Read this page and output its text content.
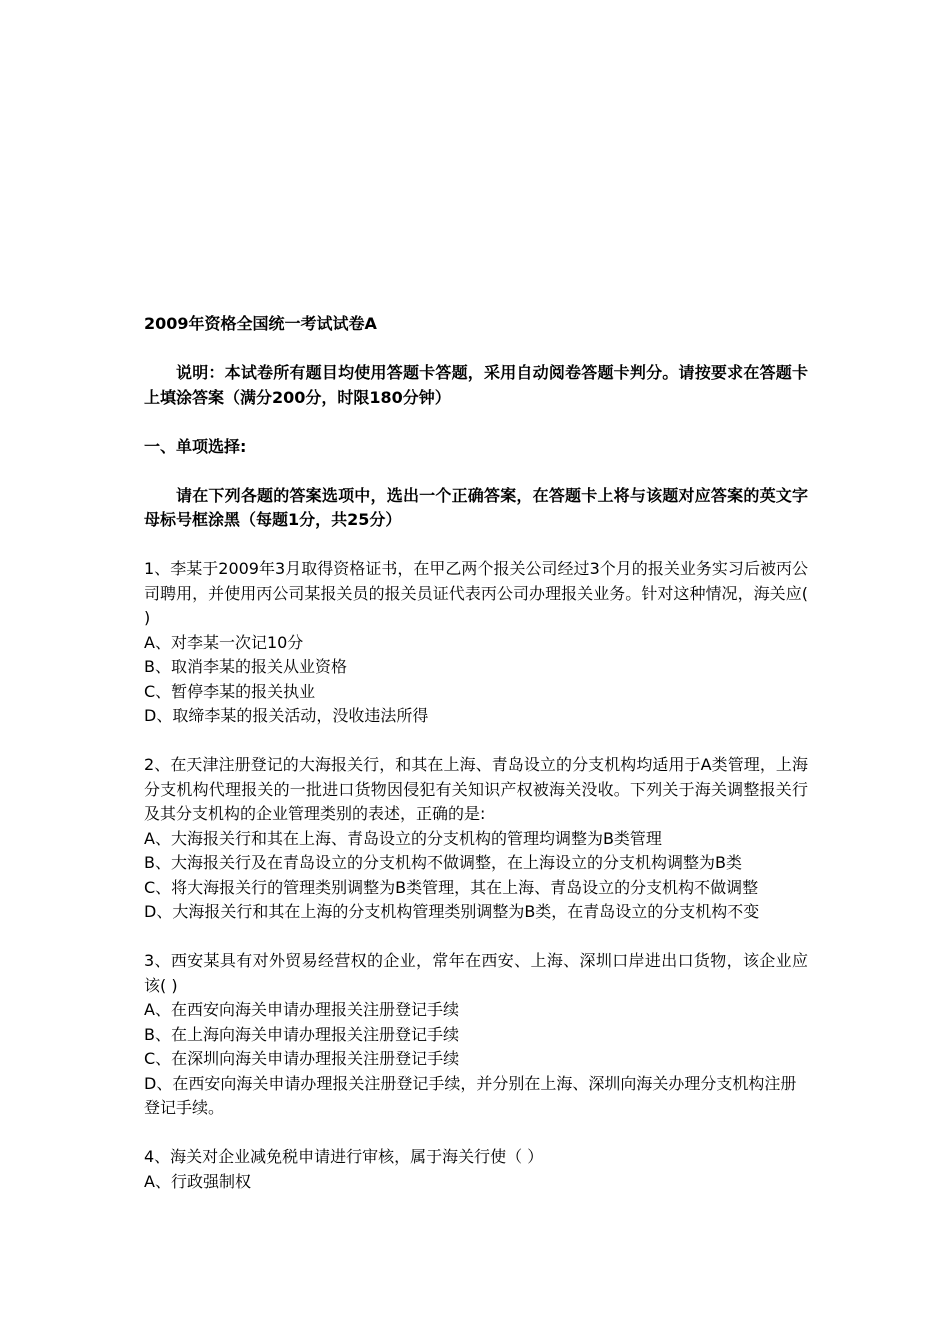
2009年资格全国统一考试试卷A

说明：本试卷所有题目均使用答题卡答题，采用自动阅卷答题卡判分。请按要求在答题卡上填涂答案（满分200分，时限180分钟）

一、单项选择:

请在下列各题的答案选项中，选出一个正确答案，在答题卡上将与该题对应答案的英文字母标号框涂黑（每题1分，共25分）

1、李某于2009年3月取得资格证书，在甲乙两个报关公司经过3个月的报关业务实习后被丙公司聘用，并使用丙公司某报关员的报关员证代表丙公司办理报关业务。针对这种情况，海关应( )

A、对李某一次记10分

B、取消李某的报关从业资格

C、暂停李某的报关执业

D、取缔李某的报关活动，没收违法所得

2、在天津注册登记的大海报关行，和其在上海、青岛设立的分支机构均适用于A类管理，上海分支机构代理报关的一批进口货物因侵犯有关知识产权被海关没收。下列关于海关调整报关行及其分支机构的企业管理类别的表述，正确的是:

A、大海报关行和其在上海、青岛设立的分支机构的管理均调整为B类管理

B、大海报关行及在青岛设立的分支机构不做调整，在上海设立的分支机构调整为B类

C、将大海报关行的管理类别调整为B类管理，其在上海、青岛设立的分支机构不做调整

D、大海报关行和其在上海的分支机构管理类别调整为B类，在青岛设立的分支机构不变

3、西安某具有对外贸易经营权的企业，常年在西安、上海、深圳口岸进出口货物，该企业应该( )

A、在西安向海关申请办理报关注册登记手续

B、在上海向海关申请办理报关注册登记手续

C、在深圳向海关申请办理报关注册登记手续

D、在西安向海关申请办理报关注册登记手续，并分别在上海、深圳向海关办理分支机构注册登记手续。

4、海关对企业减免税申请进行审核，属于海关行使（ ）

A、行政强制权
